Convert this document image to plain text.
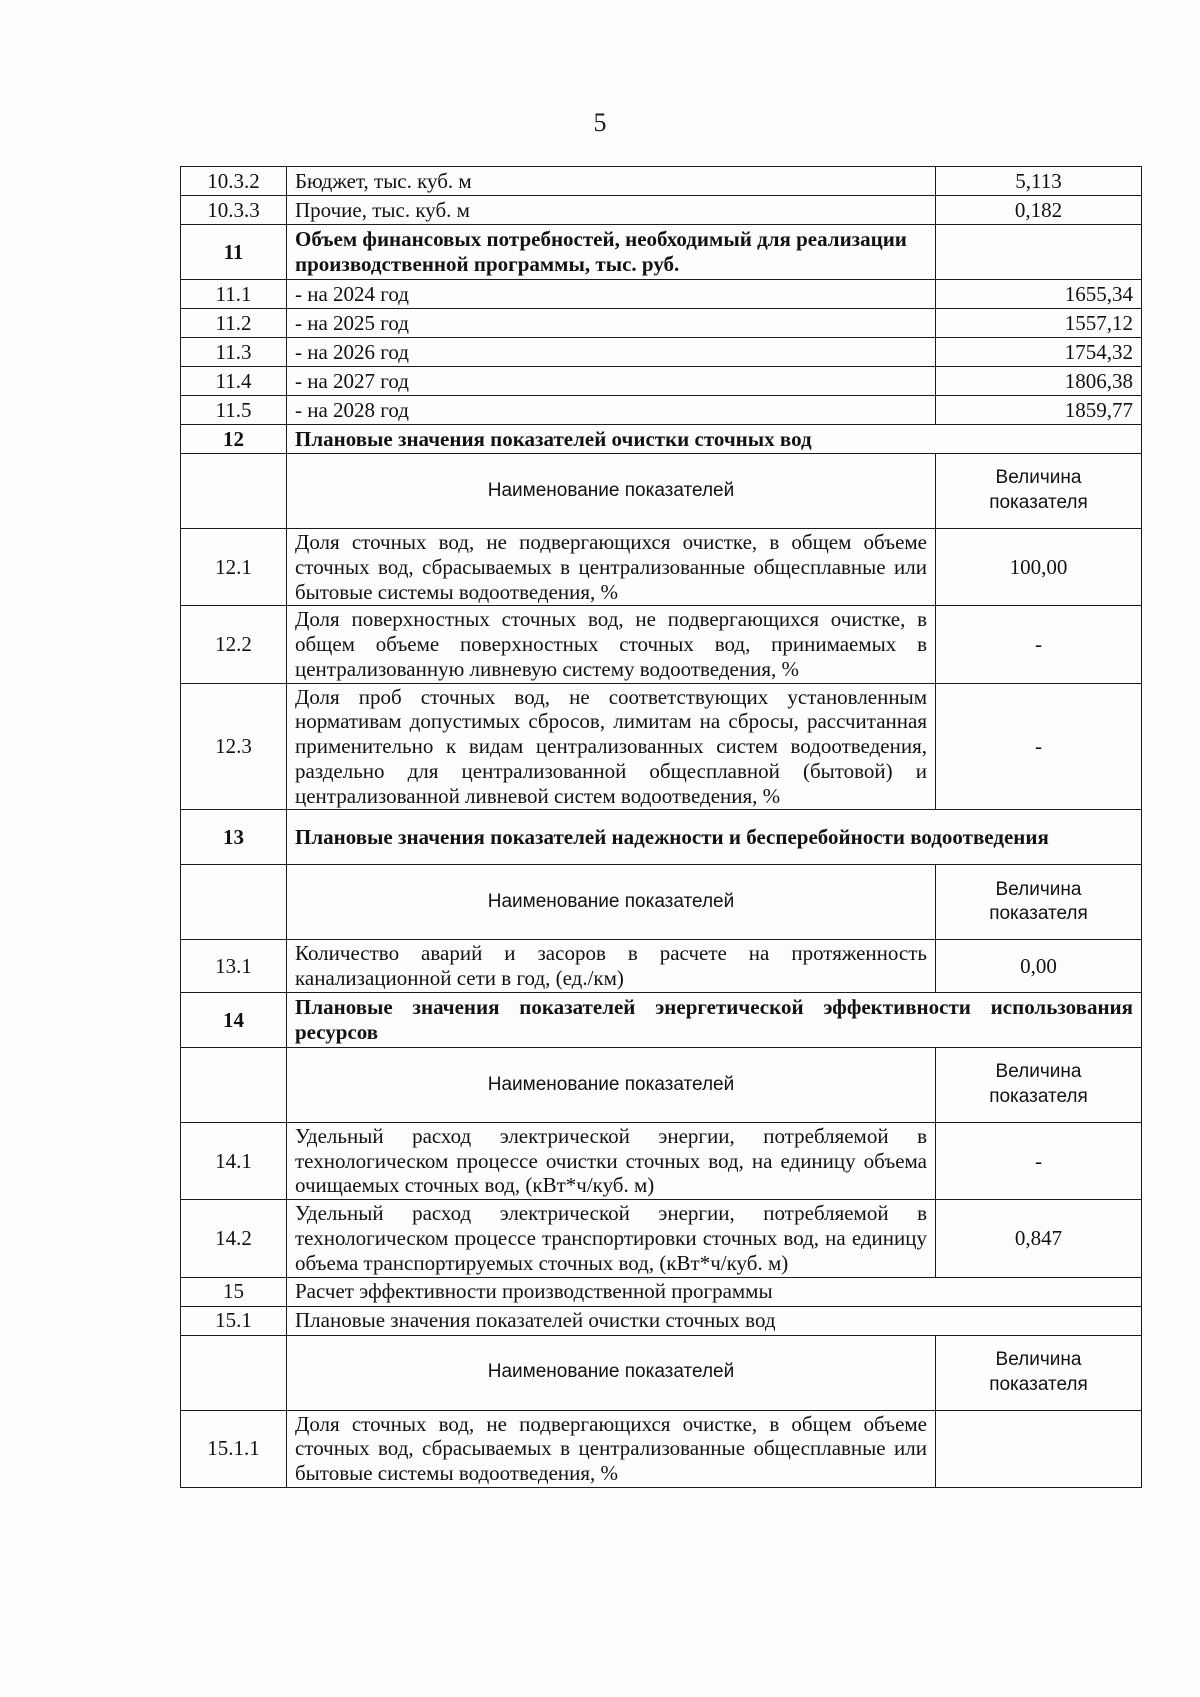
5
10.3.2	Бюджет, тыс. куб. м	5,113
10.3.3	Прочие, тыс. куб. м	0,182
11	Объем финансовых потребностей, необходимый для реализации производственной программы, тыс. руб.	
11.1	- на 2024 год	1655,34
11.2	- на 2025 год	1557,12
11.3	- на 2026 год	1754,32
11.4	- на 2027 год	1806,38
11.5	- на 2028 год	1859,77
12	Плановые значения показателей очистки сточных вод	
	Наименование показателей	Величина показателя
12.1	Доля сточных вод, не подвергающихся очистке, в общем объеме сточных вод, сбрасываемых в централизованные общесплавные или бытовые системы водоотведения, %	100,00
12.2	Доля поверхностных сточных вод, не подвергающихся очистке, в общем объеме поверхностных сточных вод, принимаемых в централизованную ливневую систему водоотведения, %	-
12.3	Доля проб сточных вод, не соответствующих установленным нормативам допустимых сбросов, лимитам на сбросы, рассчитанная применительно к видам централизованных систем водоотведения, раздельно для централизованной общесплавной (бытовой) и централизованной ливневой систем водоотведения, %	-
13	Плановые значения показателей надежности и бесперебойности водоотведения	
	Наименование показателей	Величина показателя
13.1	Количество аварий и засоров в расчете на протяженность канализационной сети в год, (ед./км)	0,00
14	Плановые значения показателей энергетической эффективности использования ресурсов	
	Наименование показателей	Величина показателя
14.1	Удельный расход электрической энергии, потребляемой в технологическом процессе очистки сточных вод, на единицу объема очищаемых сточных вод, (кВт*ч/куб. м)	-
14.2	Удельный расход электрической энергии, потребляемой в технологическом процессе транспортировки сточных вод, на единицу объема транспортируемых сточных вод, (кВт*ч/куб. м)	0,847
15	Расчет эффективности производственной программы	
15.1	Плановые значения показателей очистки сточных вод	
	Наименование показателей	Величина показателя
15.1.1	Доля сточных вод, не подвергающихся очистке, в общем объеме сточных вод, сбрасываемых в централизованные общесплавные или бытовые системы водоотведения, %	
